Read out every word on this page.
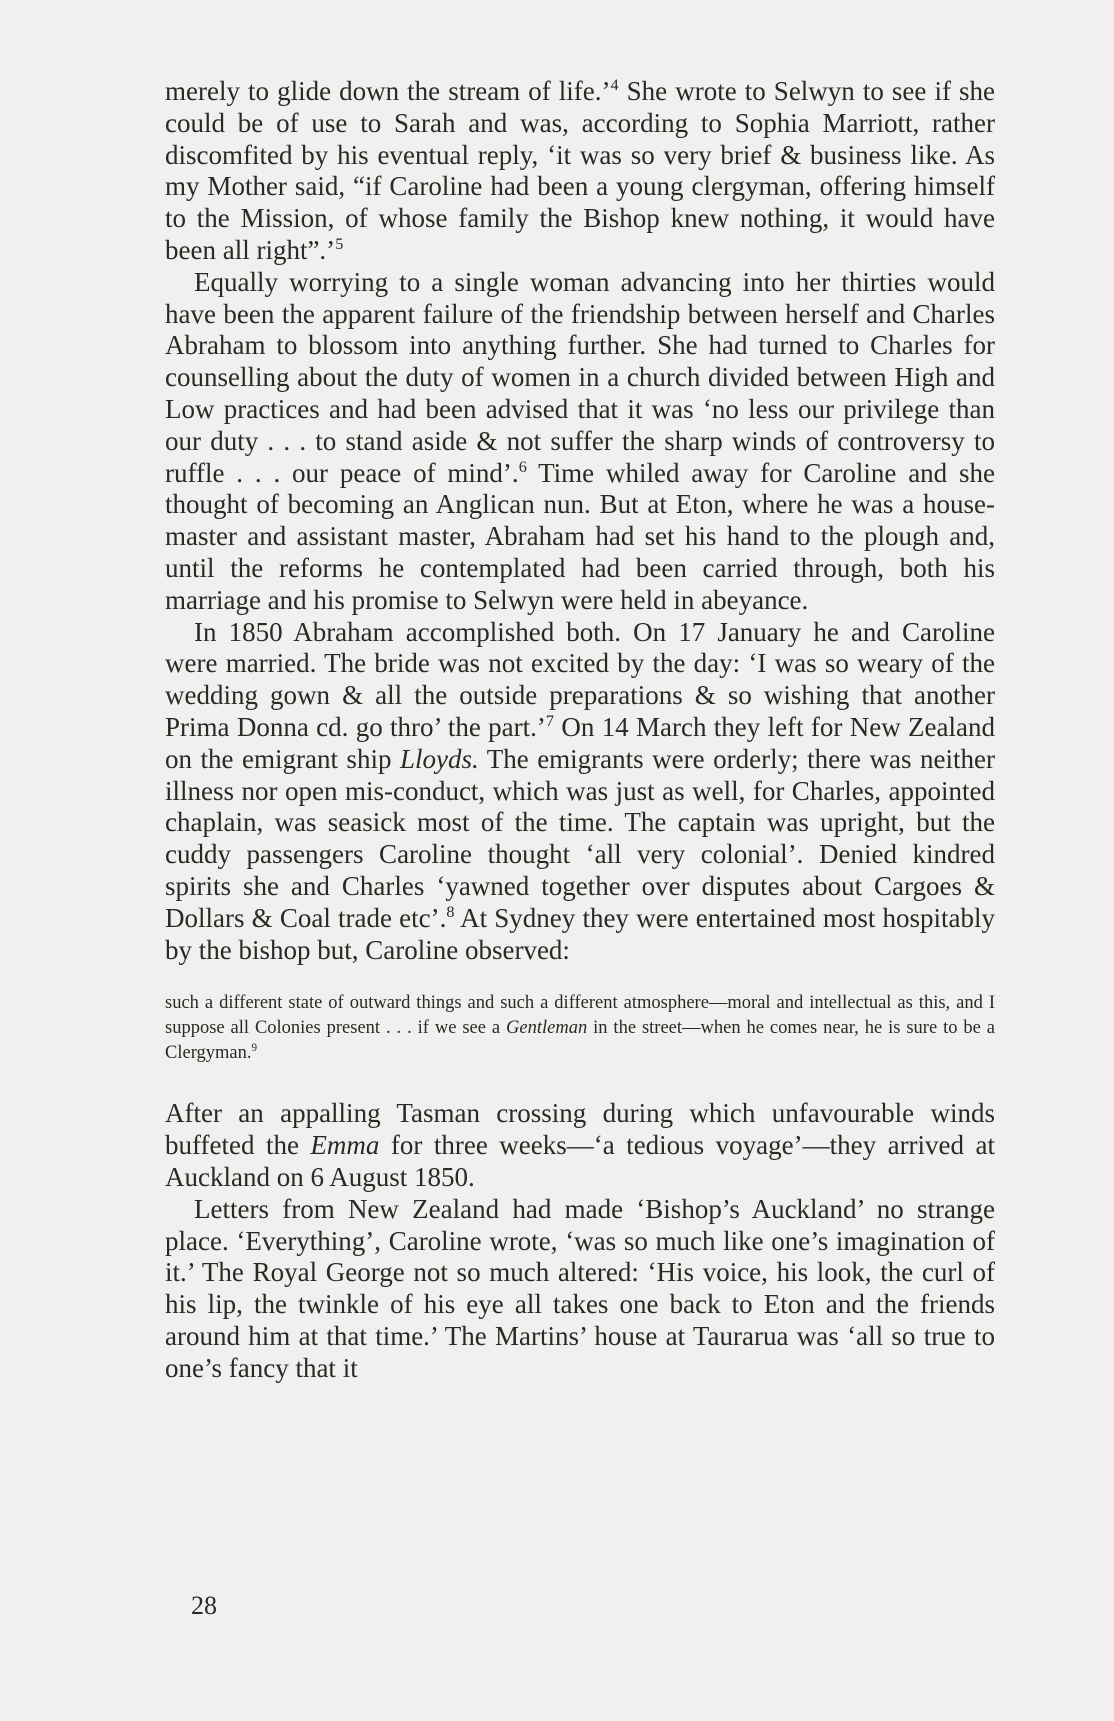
merely to glide down the stream of life.’$^4$ She wrote to Selwyn to see if she could be of use to Sarah and was, according to Sophia Marriott, rather discomfited by his eventual reply, ‘it was so very brief & business like. As my Mother said, “if Caroline had been a young clergyman, offering himself to the Mission, of whose family the Bishop knew nothing, it would have been all right”.’$^5$

Equally worrying to a single woman advancing into her thirties would have been the apparent failure of the friendship between herself and Charles Abraham to blossom into anything further. She had turned to Charles for counselling about the duty of women in a church divided between High and Low practices and had been advised that it was ‘no less our privilege than our duty . . . to stand aside & not suffer the sharp winds of controversy to ruffle . . . our peace of mind’.$^6$ Time whiled away for Caroline and she thought of becoming an Anglican nun. But at Eton, where he was a house-master and assistant master, Abraham had set his hand to the plough and, until the reforms he contemplated had been carried through, both his marriage and his promise to Selwyn were held in abeyance.

In 1850 Abraham accomplished both. On 17 January he and Caroline were married. The bride was not excited by the day: ‘I was so weary of the wedding gown & all the outside preparations & so wishing that another Prima Donna cd. go thro’ the part.’$^7$ On 14 March they left for New Zealand on the emigrant ship Lloyds. The emigrants were orderly; there was neither illness nor open mis-conduct, which was just as well, for Charles, appointed chaplain, was seasick most of the time. The captain was upright, but the cuddy passengers Caroline thought ‘all very colonial’. Denied kindred spirits she and Charles ‘yawned together over disputes about Cargoes & Dollars & Coal trade etc’.$^8$ At Sydney they were entertained most hospitably by the bishop but, Caroline observed:

such a different state of outward things and such a different atmosphere—moral and intellectual as this, and I suppose all Colonies present . . . if we see a Gentleman in the street—when he comes near, he is sure to be a Clergyman.$^9$

After an appalling Tasman crossing during which unfavourable winds buffeted the Emma for three weeks—‘a tedious voyage’—they arrived at Auckland on 6 August 1850.

Letters from New Zealand had made ‘Bishop’s Auckland’ no strange place. ‘Everything’, Caroline wrote, ‘was so much like one’s imagination of it.’ The Royal George not so much altered: ‘His voice, his look, the curl of his lip, the twinkle of his eye all takes one back to Eton and the friends around him at that time.’ The Martins’ house at Taurarua was ‘all so true to one’s fancy that it

28
